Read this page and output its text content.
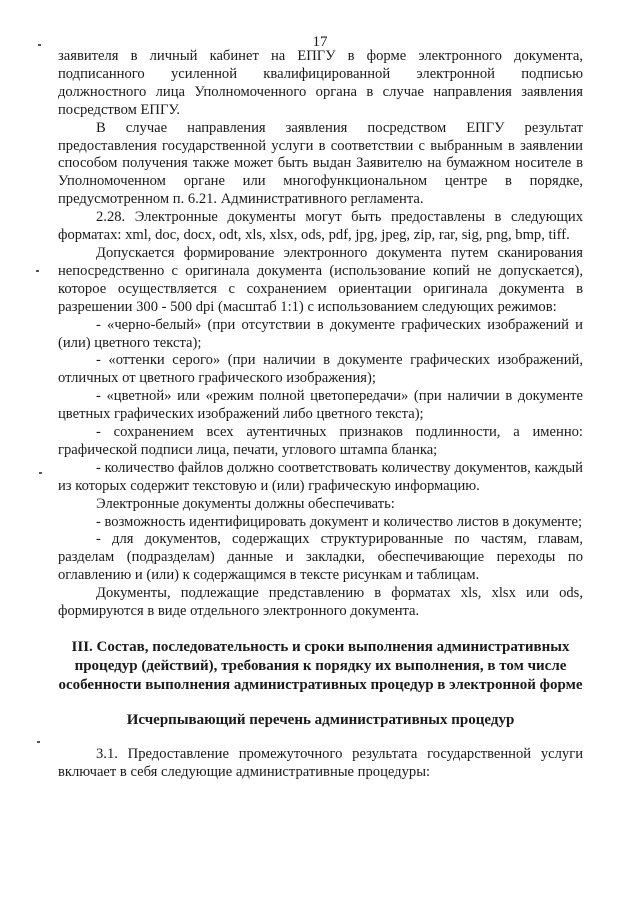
17

заявителя в личный кабинет на ЕПГУ в форме электронного документа, подписанного усиленной квалифицированной электронной подписью должностного лица Уполномоченного органа в случае направления заявления посредством ЕПГУ.

В случае направления заявления посредством ЕПГУ результат предоставления государственной услуги в соответствии с выбранным в заявлении способом получения также может быть выдан Заявителю на бумажном носителе в Уполномоченном органе или многофункциональном центре в порядке, предусмотренном п. 6.21. Административного регламента.

2.28. Электронные документы могут быть предоставлены в следующих форматах: xml, doc, docx, odt, xls, xlsx, ods, pdf, jpg, jpeg, zip, rar, sig, png, bmp, tiff.

Допускается формирование электронного документа путем сканирования непосредственно с оригинала документа (использование копий не допускается), которое осуществляется с сохранением ориентации оригинала документа в разрешении 300 - 500 dpi (масштаб 1:1) с использованием следующих режимов:

- «черно-белый» (при отсутствии в документе графических изображений и (или) цветного текста);

- «оттенки серого» (при наличии в документе графических изображений, отличных от цветного графического изображения);

- «цветной» или «режим полной цветопередачи» (при наличии в документе цветных графических изображений либо цветного текста);

- сохранением всех аутентичных признаков подлинности, а именно: графической подписи лица, печати, углового штампа бланка;

- количество файлов должно соответствовать количеству документов, каждый из которых содержит текстовую и (или) графическую информацию.

Электронные документы должны обеспечивать:

- возможность идентифицировать документ и количество листов в документе;

- для документов, содержащих структурированные по частям, главам, разделам (подразделам) данные и закладки, обеспечивающие переходы по оглавлению и (или) к содержащимся в тексте рисункам и таблицам.

Документы, подлежащие представлению в форматах xls, xlsx или ods, формируются в виде отдельного электронного документа.

III. Состав, последовательность и сроки выполнения административных процедур (действий), требования к порядку их выполнения, в том числе особенности выполнения административных процедур в электронной форме
Исчерпывающий перечень административных процедур

3.1. Предоставление промежуточного результата государственной услуги включает в себя следующие административные процедуры:
